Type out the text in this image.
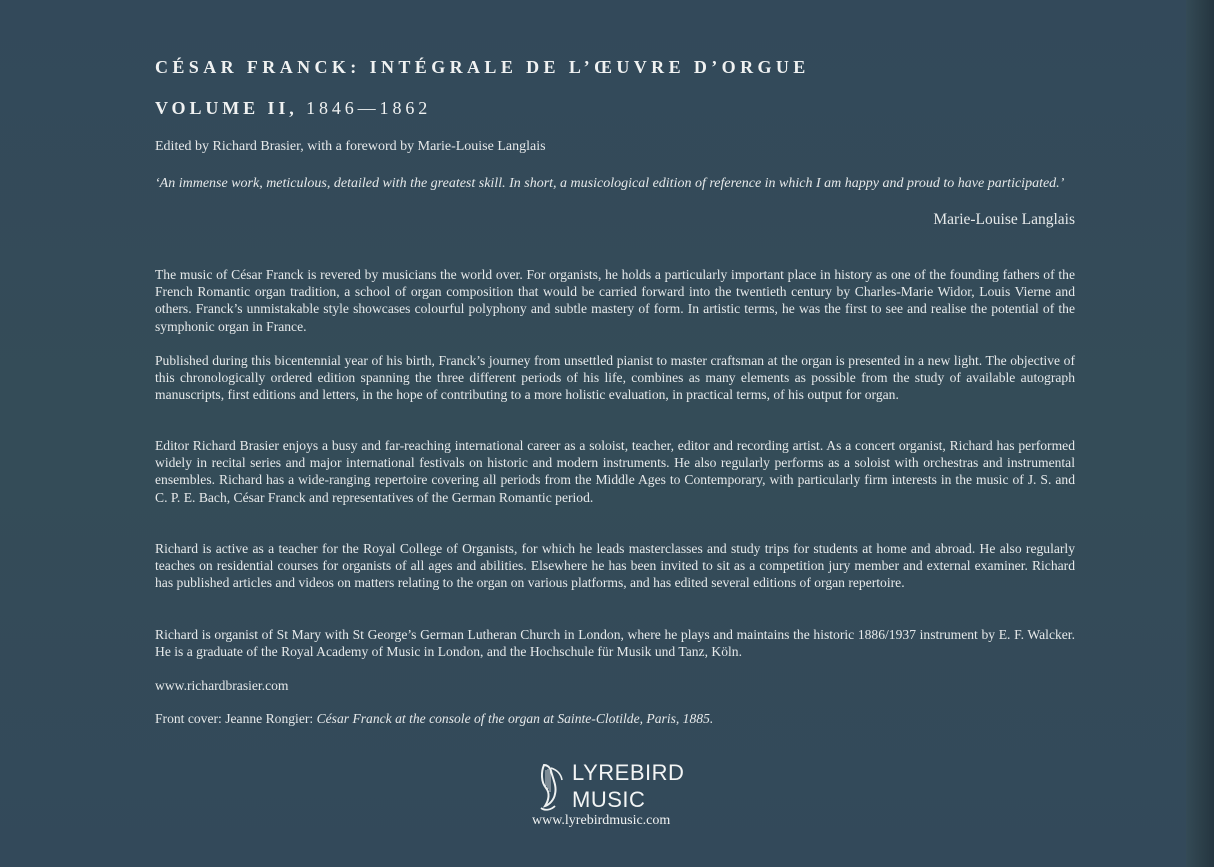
CÉSAR FRANCK: INTÉGRALE DE L’ŒUVRE D’ORGUE
VOLUME II, 1846—1862
Edited by Richard Brasier, with a foreword by Marie-Louise Langlais
‘An immense work, meticulous, detailed with the greatest skill. In short, a musicological edition of reference in which I am happy and proud to have participated.’
Marie-Louise Langlais

The music of César Franck is revered by musicians the world over. For organists, he holds a particularly important place in history as one of the founding fathers of the French Romantic organ tradition, a school of organ composition that would be carried forward into the twentieth century by Charles-Marie Widor, Louis Vierne and others. Franck’s unmistakable style showcases colourful polyphony and subtle mastery of form. In artistic terms, he was the first to see and realise the potential of the symphonic organ in France.

Published during this bicentennial year of his birth, Franck’s journey from unsettled pianist to master craftsman at the organ is presented in a new light. The objective of this chronologically ordered edition spanning the three different periods of his life, combines as many elements as possible from the study of available autograph manuscripts, first editions and letters, in the hope of contributing to a more holistic evaluation, in practical terms, of his output for organ.

Editor Richard Brasier enjoys a busy and far-reaching international career as a soloist, teacher, editor and recording artist. As a concert organist, Richard has performed widely in recital series and major international festivals on historic and modern instruments. He also regularly performs as a soloist with orchestras and instrumental ensembles. Richard has a wide-ranging repertoire covering all periods from the Middle Ages to Contemporary, with particularly firm interests in the music of J. S. and C. P. E. Bach, César Franck and representatives of the German Romantic period.

Richard is active as a teacher for the Royal College of Organists, for which he leads masterclasses and study trips for students at home and abroad. He also regularly teaches on residential courses for organists of all ages and abilities. Elsewhere he has been invited to sit as a competition jury member and external examiner. Richard has published articles and videos on matters relating to the organ on various platforms, and has edited several editions of organ repertoire.

Richard is organist of St Mary with St George’s German Lutheran Church in London, where he plays and maintains the historic 1886/1937 instrument by E. F. Walcker. He is a graduate of the Royal Academy of Music in London, and the Hochschule für Musik und Tanz, Köln.

www.richardbrasier.com
Front cover: Jeanne Rongier: César Franck at the console of the organ at Sainte-Clotilde, Paris, 1885.
LYREBIRD
MUSIC
www.lyrebirdmusic.com
